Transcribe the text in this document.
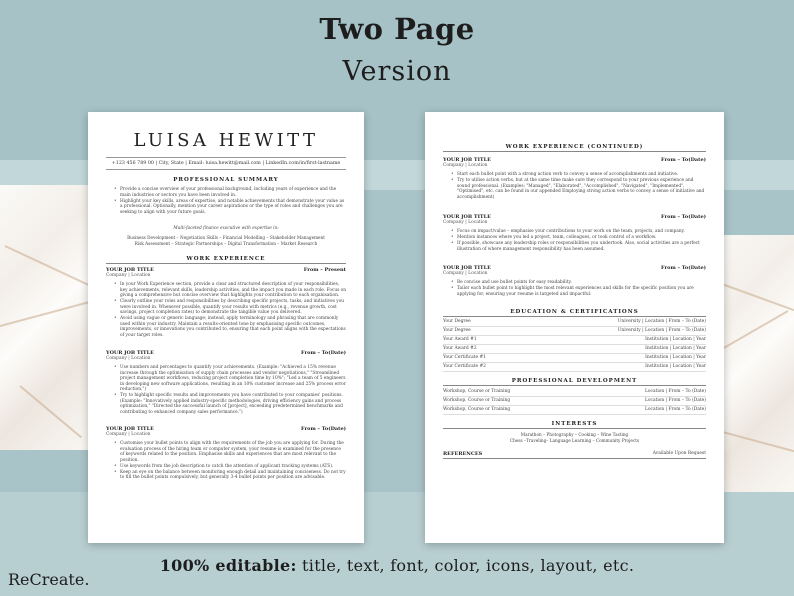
Two Page
Version
LUISA HEWITT
+123 456 789 00 | City, State | Email: luisa.hewitt@mail.com | LinkedIn.com/in/first-lastname
PROFESSIONAL SUMMARY
• Provide a concise overview of your professional background, including years of experience and the main industries or sectors you have been involved in.
• Highlight your key skills, areas of expertise, and notable achievements that demonstrate your value as a professional. Optionally, mention your career aspirations or the type of roles and challenges you are seeking to align with your future goals.
Multi-faceted finance executive with expertise in:
Business Development – Negotiation Skills – Financial Modelling – Stakeholder Management
Risk Assessment – Strategic Partnerships – Digital Transformation – Market Research
WORK EXPERIENCE
YOUR JOB TITLE	From – Present
Company | Location
• In your Work Experience section, provide a clear and structured description of your responsibilities, key achievements, relevant skills, leadership activities, and the impact you made in each role. Focus on giving a comprehensive but concise overview that highlights your contribution to each organisation.
• Clearly outline your roles and responsibilities by describing specific projects, tasks, and initiatives you were involved in. Whenever possible, quantify your results with metrics (e.g., revenue growth, cost savings, project completion rates) to demonstrate the tangible value you delivered.
• Avoid using vague or generic language; instead, apply terminology and phrasing that are commonly used within your industry. Maintain a results-oriented tone by emphasising specific outcomes, improvements, or innovations you contributed to, ensuring that each point aligns with the expectations of your target roles.
YOUR JOB TITLE	From – To(Date)
Company | Location
• Use numbers and percentages to quantify your achievements. (Example: "Achieved a 15% revenue increase through the optimisation of supply chain processes and vendor negotiations," "Streamlined project management workflows, reducing project completion time by 10%"; "Led a team of 5 engineers in developing new software applications, resulting in an 10% customer increase and 25% process error reduction.")
• Try to highlight specific results and improvements you have contributed to your companies' positions. (Example: "Innovatively applied industry-specific methodologies, driving efficiency gains and process optimization," "Directed the successful launch of [project], exceeding predetermined benchmarks and contributing to enhanced company sales performance.")
YOUR JOB TITLE	From – To(Date)
Company | Location
• Customise your bullet points to align with the requirements of the job you are applying for. During the evaluation process of the hiring team or computer system, your resume is examined for the presence of keywords related to the position. Emphasise skills and experiences that are most relevant to the position.
• Use keywords from the job description to catch the attention of applicant tracking systems (ATS).
• Keep an eye on the balance between monitoring enough detail and maintaining conciseness. Do not try to fill the bullet points compulsively, but generally 3-4 bullet points per position are advisable.
WORK EXPERIENCE (CONTINUED)
YOUR JOB TITLE	From – To(Date)
Company | Location
• Start each bullet point with a strong action verb to convey a sense of accomplishments and initiative.
• Try to utilise action verbs, but at the same time make sure they correspond to your previous experience and sound professional. (Examples: "Managed", "Elaborated", "Accomplished", "Navigated", "Implemented", "Optimised", etc. can be found in our appended Employing strong action verbs to convey a sense of initiative and accomplishment)
YOUR JOB TITLE	From – To(Date)
Company | Location
• Focus on impact/value – emphasise your contributions to your work on the team, projects, and company.
• Mention instances where you led a project, team, colleagues, or took control of a workflow.
• If possible, showcase any leadership roles or responsibilities you undertook. Also, social activities are a perfect illustration of where management responsibility has been assumed.
YOUR JOB TITLE	From – To(Date)
Company | Location
• Be concise and use bullet points for easy readability.
• Tailor each bullet point to highlight the most relevant experiences and skills for the specific position you are applying for, ensuring your resume is targeted and impactful.
EDUCATION & CERTIFICATIONS
Your Degree	University | Location | From – To (Date)
Your Degree	University | Location | From – To (Date)
Your Award #1	Institution | Location | Year
Your Award #2	Institution | Location | Year
Your Certificate #1	Institution | Location | Year
Your Certificate #2	Institution | Location | Year
PROFESSIONAL DEVELOPMENT
Workshop, Course or Training	Location | From – To (Date)
Workshop, Course or Training	Location | From – To (Date)
Workshop, Course or Training	Location | From – To (Date)
INTERESTS
Marathon – Photography – Cooking – Wine Tasting
Chess –Traveling– Language Learning – Community Projects
REFERENCES	Available Upon Request
100% editable: title, text, font, color, icons, layout, etc.
ReCreate.
